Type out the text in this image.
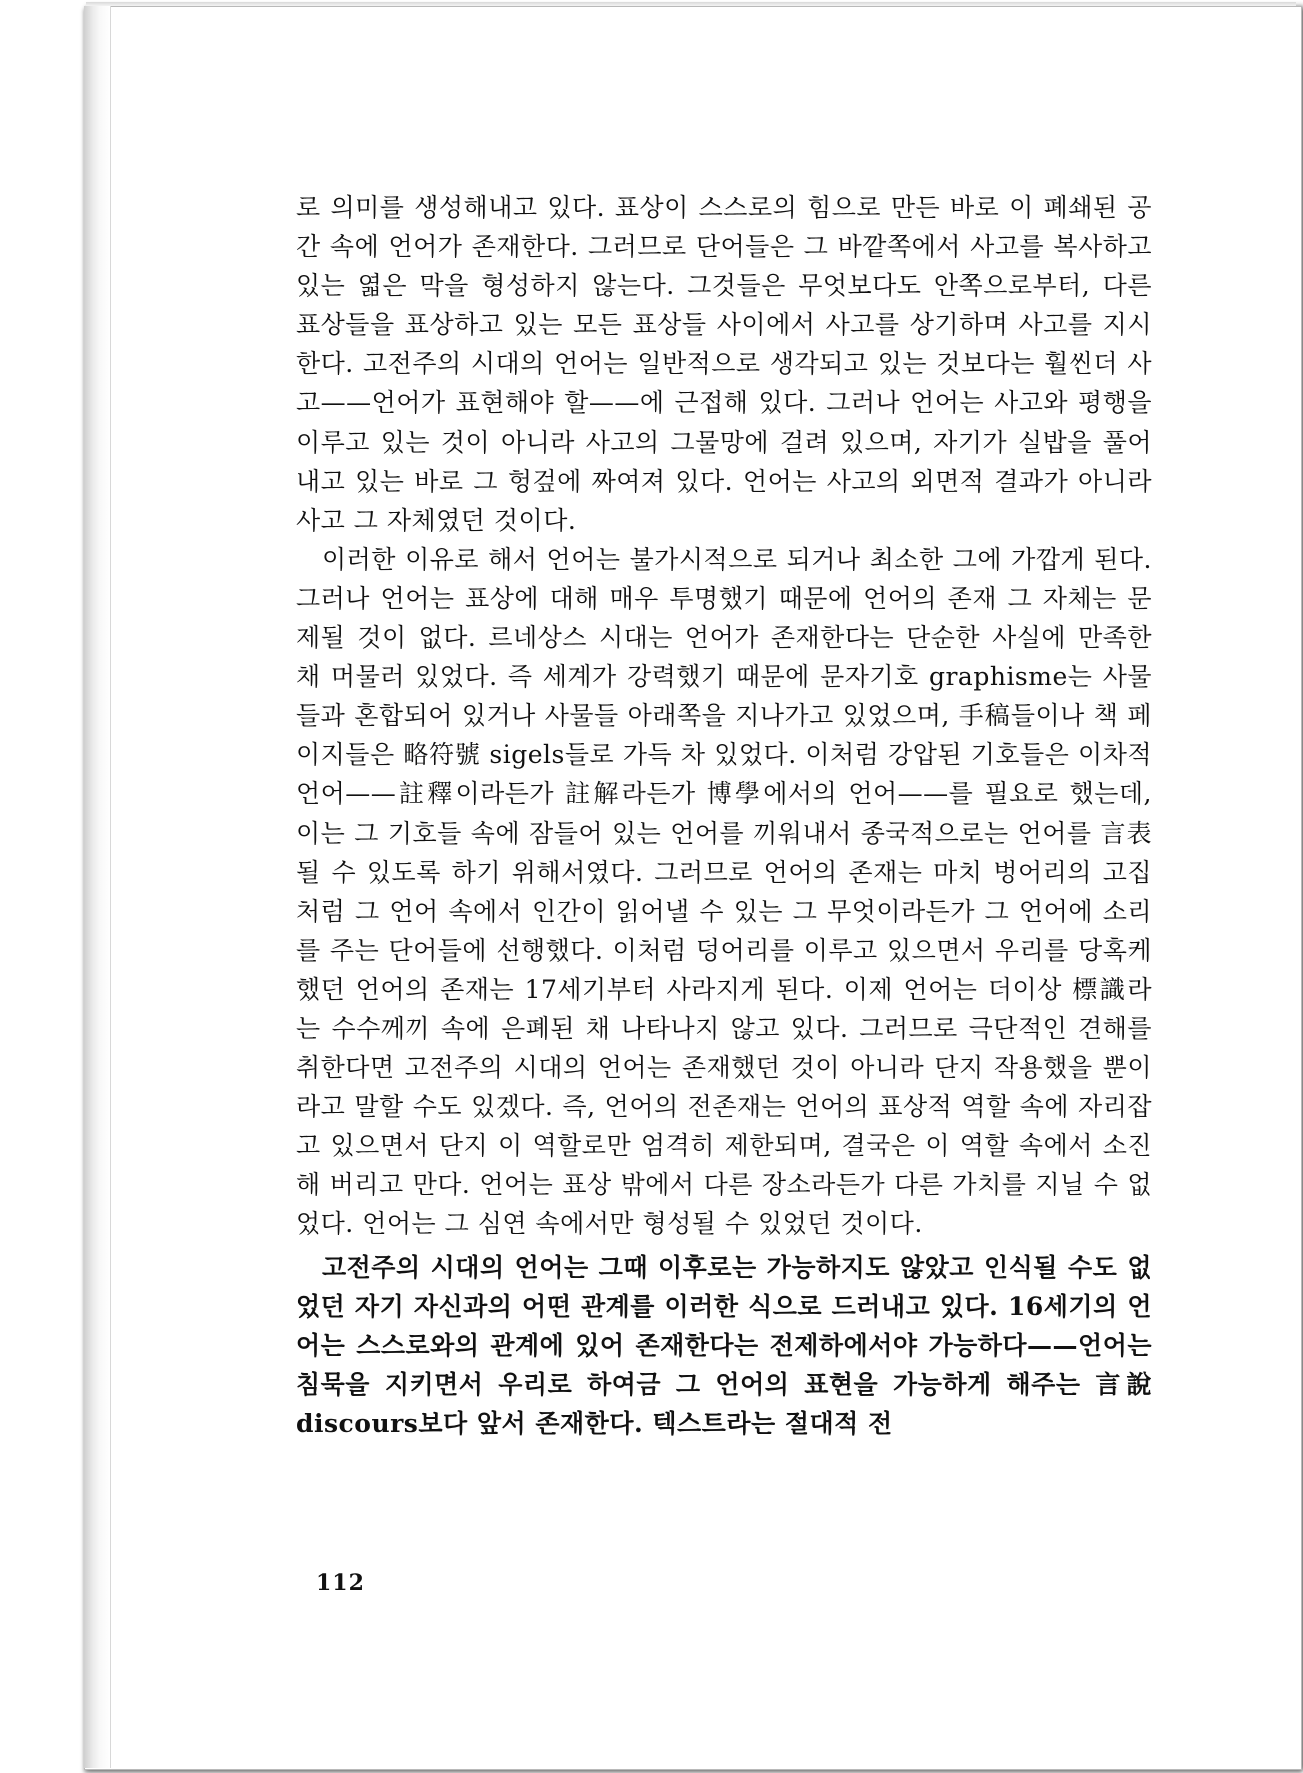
로 의미를 생성해내고 있다. 표상이 스스로의 힘으로 만든 바로 이 폐쇄된 공간 속에 언어가 존재한다. 그러므로 단어들은 그 바깥쪽에서 사고를 복사하고 있는 엷은 막을 형성하지 않는다. 그것들은 무엇보다도 안쪽으로부터, 다른 표상들을 표상하고 있는 모든 표상들 사이에서 사고를 상기하며 사고를 지시한다. 고전주의 시대의 언어는 일반적으로 생각되고 있는 것보다는 훨씬더 사고——언어가 표현해야 할——에 근접해 있다. 그러나 언어는 사고와 평행을 이루고 있는 것이 아니라 사고의 그물망에 걸려 있으며, 자기가 실밥을 풀어내고 있는 바로 그 헝겊에 짜여져 있다. 언어는 사고의 외면적 결과가 아니라 사고 그 자체였던 것이다.

이러한 이유로 해서 언어는 불가시적으로 되거나 최소한 그에 가깝게 된다. 그러나 언어는 표상에 대해 매우 투명했기 때문에 언어의 존재 그 자체는 문제될 것이 없다. 르네상스 시대는 언어가 존재한다는 단순한 사실에 만족한 채 머물러 있었다. 즉 세계가 강력했기 때문에 문자기호 graphisme는 사물들과 혼합되어 있거나 사물들 아래쪽을 지나가고 있었으며, 手稿들이나 책 페이지들은 略符號 sigels들로 가득 차 있었다. 이처럼 강압된 기호들은 이차적 언어——註釋이라든가 註解라든가 博學에서의 언어——를 필요로 했는데, 이는 그 기호들 속에 잠들어 있는 언어를 끼워내서 종국적으로는 언어를 言表될 수 있도록 하기 위해서였다. 그러므로 언어의 존재는 마치 벙어리의 고집처럼 그 언어 속에서 인간이 읽어낼 수 있는 그 무엇이라든가 그 언어에 소리를 주는 단어들에 선행했다. 이처럼 덩어리를 이루고 있으면서 우리를 당혹케 했던 언어의 존재는 17세기부터 사라지게 된다. 이제 언어는 더이상 標識라는 수수께끼 속에 은폐된 채 나타나지 않고 있다. 그러므로 극단적인 견해를 취한다면 고전주의 시대의 언어는 존재했던 것이 아니라 단지 작용했을 뿐이라고 말할 수도 있겠다. 즉, 언어의 전존재는 언어의 표상적 역할 속에 자리잡고 있으면서 단지 이 역할로만 엄격히 제한되며, 결국은 이 역할 속에서 소진해 버리고 만다. 언어는 표상 밖에서 다른 장소라든가 다른 가치를 지닐 수 없었다. 언어는 그 심연 속에서만 형성될 수 있었던 것이다.

고전주의 시대의 언어는 그때 이후로는 가능하지도 않았고 인식될 수도 없었던 자기 자신과의 어떤 관계를 이러한 식으로 드러내고 있다. 16세기의 언어는 스스로와의 관계에 있어 존재한다는 전제하에서야 가능하다——언어는 침묵을 지키면서 우리로 하여금 그 언어의 표현을 가능하게 해주는 言說 discours보다 앞서 존재한다. 텍스트라는 절대적 전

112
